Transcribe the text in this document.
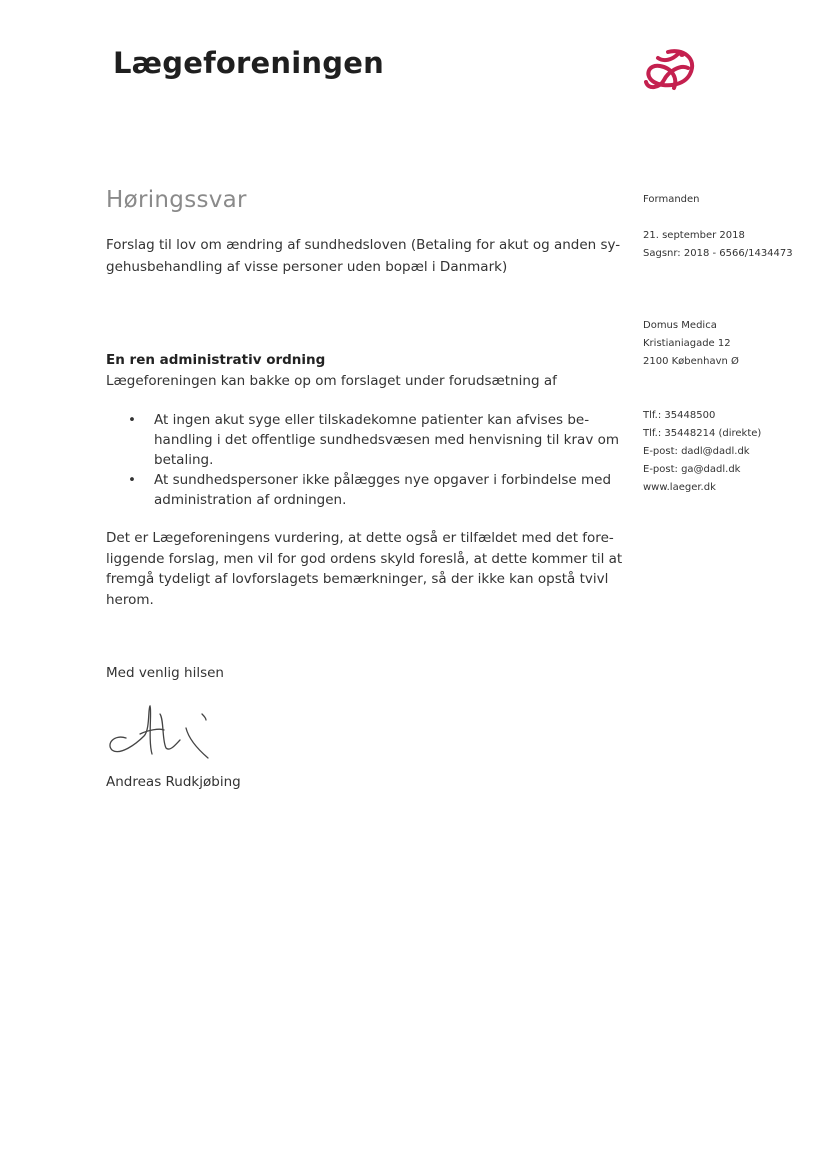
Lægeforeningen
Høringssvar
Forslag til lov om ændring af sundhedsloven (Betaling for akut og anden sy-
gehusbehandling af visse personer uden bopæl i Danmark)
En ren administrativ ordning
Lægeforeningen kan bakke op om forslaget under forudsætning af
• At ingen akut syge eller tilskadekomne patienter kan afvises be-
handling i det offentlige sundhedsvæsen med henvisning til krav om
betaling.
• At sundhedspersoner ikke pålægges nye opgaver i forbindelse med
administration af ordningen.
Det er Lægeforeningens vurdering, at dette også er tilfældet med det fore-
liggende forslag, men vil for god ordens skyld foreslå, at dette kommer til at
fremgå tydeligt af lovforslagets bemærkninger, så der ikke kan opstå tvivl
herom.
Med venlig hilsen
Andreas Rudkjøbing
Formanden
21. september 2018
Sagsnr: 2018 - 6566/1434473
Domus Medica
Kristianiagade 12
2100 København Ø
Tlf.: 35448500
Tlf.: 35448214 (direkte)
E-post: dadl@dadl.dk
E-post: ga@dadl.dk
www.laeger.dk
